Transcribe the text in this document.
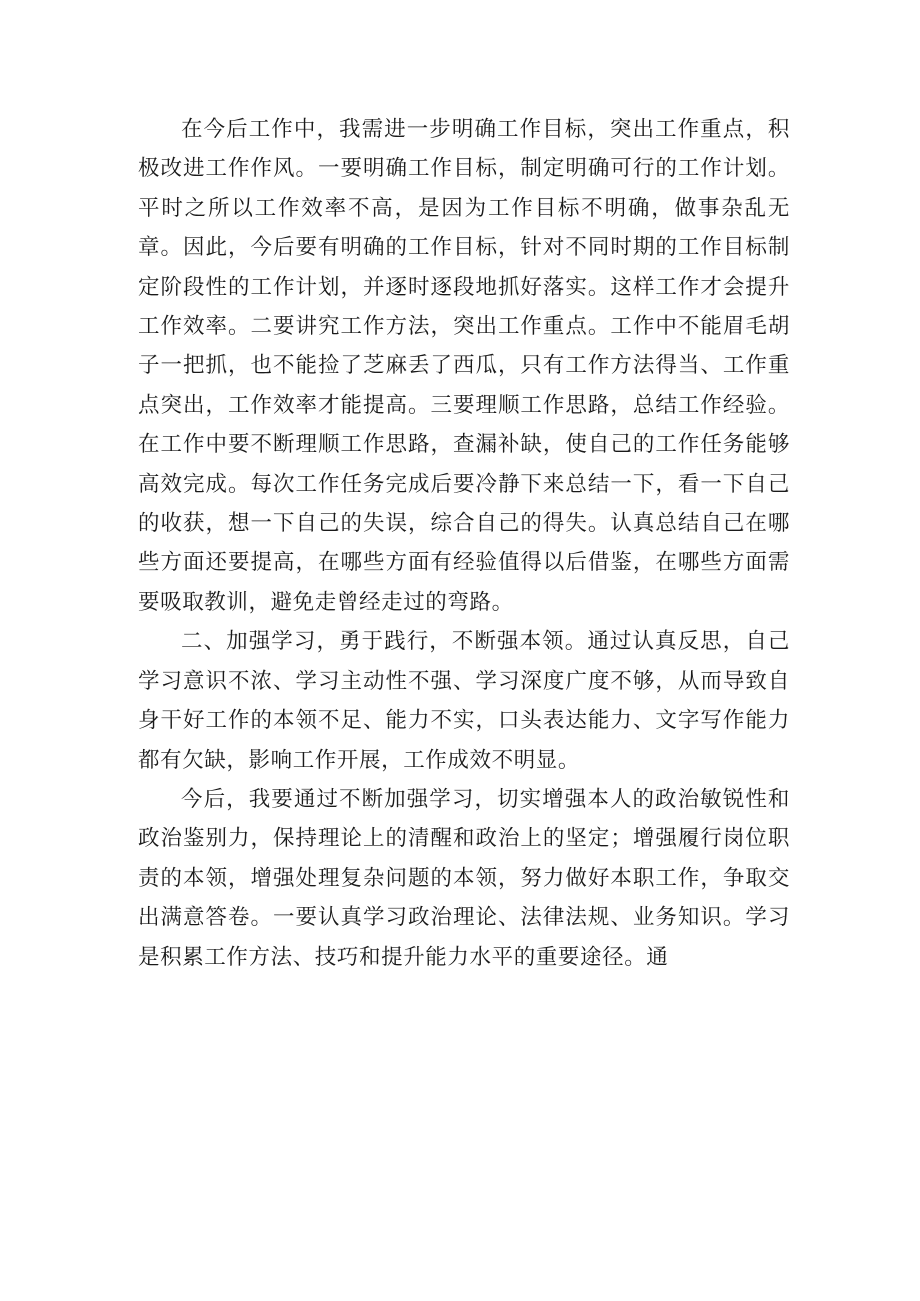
在今后工作中，我需进一步明确工作目标，突出工作重点，积极改进工作作风。一要明确工作目标，制定明确可行的工作计划。平时之所以工作效率不高，是因为工作目标不明确，做事杂乱无章。因此，今后要有明确的工作目标，针对不同时期的工作目标制定阶段性的工作计划，并逐时逐段地抓好落实。这样工作才会提升工作效率。二要讲究工作方法，突出工作重点。工作中不能眉毛胡子一把抓，也不能捡了芝麻丢了西瓜，只有工作方法得当、工作重点突出，工作效率才能提高。三要理顺工作思路，总结工作经验。在工作中要不断理顺工作思路，查漏补缺，使自己的工作任务能够高效完成。每次工作任务完成后要冷静下来总结一下，看一下自己的收获，想一下自己的失误，综合自己的得失。认真总结自己在哪些方面还要提高，在哪些方面有经验值得以后借鉴，在哪些方面需要吸取教训，避免走曾经走过的弯路。

二、加强学习，勇于践行，不断强本领。通过认真反思，自己学习意识不浓、学习主动性不强、学习深度广度不够，从而导致自身干好工作的本领不足、能力不实，口头表达能力、文字写作能力都有欠缺，影响工作开展，工作成效不明显。

今后，我要通过不断加强学习，切实增强本人的政治敏锐性和政治鉴别力，保持理论上的清醒和政治上的坚定；增强履行岗位职责的本领，增强处理复杂问题的本领，努力做好本职工作，争取交出满意答卷。一要认真学习政治理论、法律法规、业务知识。学习是积累工作方法、技巧和提升能力水平的重要途径。通
